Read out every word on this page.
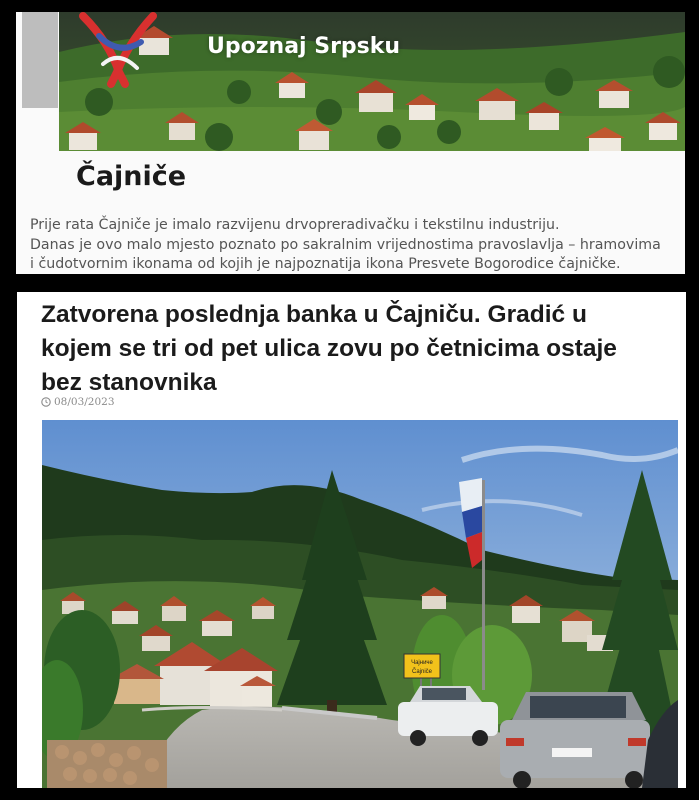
Upoznaj Srpsku
Čajniče

Prije rata Čajniče je imalo razvijenu drvopreradivačku i tekstilnu industriju.
Danas je ovo malo mjesto poznato po sakralnim vrijednostima pravoslavlja – hramovima
i čudotvornim ikonama od kojih je najpoznatija ikona Presvete Bogorodice čajničke.

Zatvorena poslednja banka u Čajniču. Gradić u
kojem se tri od pet ulica zovu po četnicima ostaje
bez stanovnika
08/03/2023
Чајниче
Čajniče
